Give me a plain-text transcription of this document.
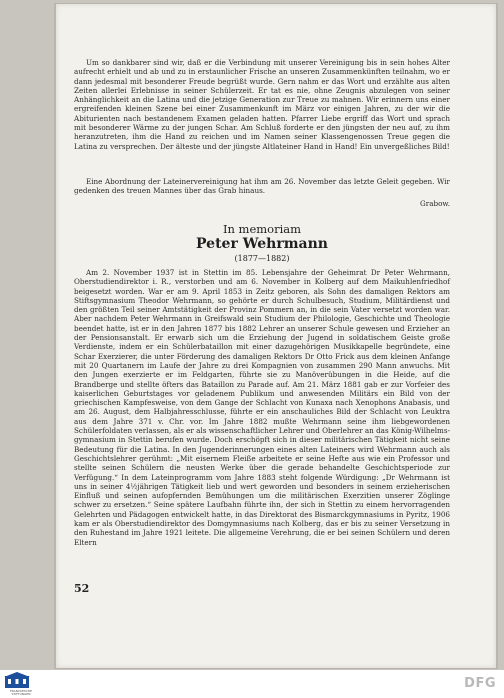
Um so dankbarer sind wir, daß er die Verbindung mit unserer Vereinigung bis in sein hohes Alter aufrecht erhielt und ab und zu in erstaunlicher Frische an unseren Zusammenkünften teilnahm, wo er dann jedesmal mit besonderer Freude begrüßt wurde. Gern nahm er das Wort und erzählte aus alten Zeiten allerlei Erlebnisse in seiner Schülerzeit. Er tat es nie, ohne Zeugnis abzulegen von seiner Anhänglichkeit an die Latina und die jetzige Generation zur Treue zu mahnen. Wir erinnern uns einer ergreifenden kleinen Szene bei einer Zusammenkunft im März vor einigen Jahren, zu der wir die Abiturienten nach bestandenem Examen geladen hatten. Pfarrer Liebe ergriff das Wort und sprach mit besonderer Wärme zu der jungen Schar. Am Schluß forderte er den jüngsten der neu auf, zu ihm heranzutreten, ihm die Hand zu reichen und im Namen seiner Klassengenossen Treue gegen die Latina zu versprechen. Der älteste und der jüngste Altlateiner Hand in Hand! Ein unvergeßliches Bild!

Eine Abordnung der Lateinervereinigung hat ihm am 26. November das letzte Geleit gegeben. Wir gedenken des treuen Mannes über das Grab hinaus.

Grabow.
In memoriam
Peter Wehrmann
(1877—1882)

Am 2. November 1937 ist in Stettin im 85. Lebensjahre der Geheimrat Dr Peter Wehrmann, Oberstudiendirektor i. R., verstorben und am 6. November in Kolberg auf dem Maikuhlenfriedhof beigesetzt worden. War er am 9. April 1853 in Zeitz geboren, als Sohn des damaligen Rektors am Stiftsgymnasium Theodor Wehrmann, so gehörte er durch Schulbesuch, Studium, Militärdienst und den größten Teil seiner Amtstätigkeit der Provinz Pommern an, in die sein Vater versetzt worden war. Aber nachdem Peter Wehrmann in Greifswald sein Studium der Philologie, Geschichte und Theologie beendet hatte, ist er in den Jahren 1877 bis 1882 Lehrer an unserer Schule gewesen und Erzieher an der Pensionsanstalt. Er erwarb sich um die Erziehung der Jugend in soldatischem Geiste große Verdienste, indem er ein Schülerbataillon mit einer dazugehörigen Musikkapelle begründete, eine Schar Exerzierer, die unter Förderung des damaligen Rektors Dr Otto Frick aus dem kleinen Anfange mit 20 Quartanern im Laufe der Jahre zu drei Kompagnien von zusammen 290 Mann anwuchs. Mit den Jungen exerzierte er im Feldgarten, führte sie zu Manöverübungen in die Heide, auf die Brandberge und stellte öfters das Bataillon zu Parade auf. Am 21. März 1881 gab er zur Vorfeier des kaiserlichen Geburtstages vor geladenem Publikum und anwesenden Militärs ein Bild von der griechischen Kampfesweise, von dem Gange der Schlacht von Kunaxa nach Xenophons Anabasis, und am 26. August, dem Halbjahresschlusse, führte er ein anschauliches Bild der Schlacht von Leuktra aus dem Jahre 371 v. Chr. vor. Im Jahre 1882 mußte Wehrmann seine ihm liebgewordenen Schülerfoldaten verlassen, als er als wissenschaftlicher Lehrer und Oberlehrer an das König-Wilhelms-gymnasium in Stettin berufen wurde. Doch erschöpft sich in dieser militärischen Tätigkeit nicht seine Bedeutung für die Latina. In den Jugenderinnerungen eines alten Lateiners wird Wehrmann auch als Geschichtslehrer gerühmt: „Mit eisernem Fleiße arbeitete er seine Hefte aus wie ein Professor und stellte seinen Schülern die neusten Werke über die gerade behandelte Geschichtsperiode zur Verfügung.“ In dem Lateinprogramm vom Jahre 1883 steht folgende Würdigung: „Dr Wehrmann ist uns in seiner 4½jährigen Tätigkeit lieb und wert geworden und besonders in seinem erzieherischen Einfluß und seinen aufopfernden Bemühungen um die militärischen Exerzitien unserer Zöglinge schwer zu ersetzen.“ Seine spätere Laufbahn führte ihn, der sich in Stettin zu einem hervorragenden Gelehrten und Pädagogen entwickelt hatte, in das Direktorat des Bismarckgymnasiums in Pyritz, 1906 kam er als Oberstudiendirektor des Domgymnasiums nach Kolberg, das er bis zu seiner Versetzung in den Ruhestand im Jahre 1921 leitete. Die allgemeine Verehrung, die er bei seinen Schülern und deren Eltern

52
FRANCKESCHE STIFTUNGEN
DFG
